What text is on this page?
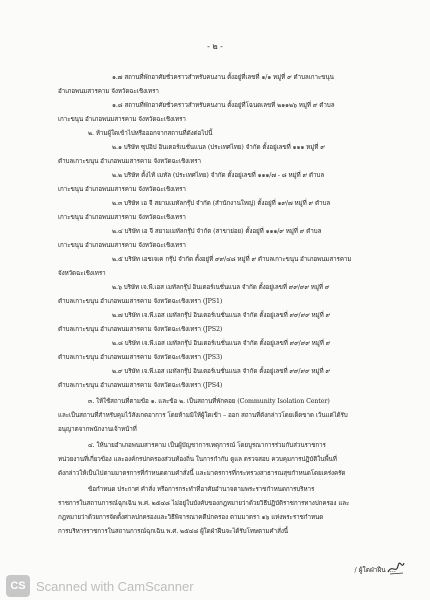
- ๒ -
๑.๗ สถานที่พักอาศัยชั่วคราวสำหรับคนงาน ตั้งอยู่ที่เลขที่ ๑/๑ หมู่ที่ ๙ ตำบลเกาะขนุน
อำเภอพนมสารคาม จังหวัดฉะเชิงเทรา
๑.๘ สถานที่พักอาศัยชั่วคราวสำหรับคนงาน ตั้งอยู่ที่โฉนดเลขที่ ๒๑๑๒๖ หมู่ที่ ๙ ตำบล
เกาะขนุน อำเภอพนมสารคาม จังหวัดฉะเชิงเทรา
๒. ห้ามผู้ใดเข้าไปหรือออกจากสถานที่ดังต่อไปนี้
๒.๑ บริษัท ซุปอิป อินเตอร์เนชั่นแนล (ประเทศไทย) จำกัด ตั้งอยู่เลขที่ ๑๑๑ หมู่ที่ ๙
ตำบลเกาะขนุน อำเภอพนมสารคาม จังหวัดฉะเชิงเทรา
๒.๒ บริษัท ตั้งไท้ เมทัล (ประเทศไทย) จำกัด ตั้งอยู่เลขที่ ๑๑๑/๗ - ๘ หมู่ที่ ๙ ตำบล
เกาะขนุน อำเภอพนมสารคาม จังหวัดฉะเชิงเทรา
๒.๓ บริษัท เอ จี สยามเมทัลกรุ๊ป จำกัด (สำนักงานใหญ่) ตั้งอยู่ที่ ๑๙/๗ หมู่ที่ ๙ ตำบล
เกาะขนุน อำเภอพนมสารคาม จังหวัดฉะเชิงเทรา
๒.๔ บริษัท เอ จี สยามเมทัลกรุ๊ป จำกัด (สาขาย่อย) ตั้งอยู่ที่ ๑๑๑/๙ หมู่ที่ ๙ ตำบล
เกาะขนุน อำเภอพนมสารคาม จังหวัดฉะเชิงเทรา
๒.๕ บริษัท เอชเจเค กรุ๊ป จำกัด ตั้งอยู่ที่ ๙๙/๔๘ หมู่ที่ ๙ ตำบลเกาะขนุน อำเภอพนมสารคาม
จังหวัดฉะเชิงเทรา
๒.๖ บริษัท เจ.พี.เอส เมทัลกรุ๊ป อินเตอร์เนชั่นแนล จำกัด ตั้งอยู่เลขที่ ๙๙/๙๙ หมู่ที่ ๙
ตำบลเกาะขนุน อำเภอพนมสารคาม จังหวัดฉะเชิงเทรา (JPS1)
๒.๗ บริษัท เจ.พี.เอส เมทัลกรุ๊ป อินเตอร์เนชั่นแนล จำกัด ตั้งอยู่เลขที่ ๙๙/๙๙ หมู่ที่ ๙
ตำบลเกาะขนุน อำเภอพนมสารคาม จังหวัดฉะเชิงเทรา (JPS2)
๒.๘ บริษัท เจ.พี.เอส เมทัลกรุ๊ป อินเตอร์เนชั่นแนล จำกัด ตั้งอยู่เลขที่ ๙๙/๙๙ หมู่ที่ ๙
ตำบลเกาะขนุน อำเภอพนมสารคาม จังหวัดฉะเชิงเทรา (JPS3)
๒.๙ บริษัท เจ.พี.เอส เมทัลกรุ๊ป อินเตอร์เนชั่นแนล จำกัด ตั้งอยู่เลขที่ ๙๙/๙๙ หมู่ที่ ๙
ตำบลเกาะขนุน อำเภอพนมสารคาม จังหวัดฉะเชิงเทรา (JPS4)
๓. ให้ใช้สถานที่ตามข้อ ๑. และข้อ ๒. เป็นสถานที่พักคอย (Community Isolation Center)
และเป็นสถานที่สำหรับคุมไว้สังเกตอาการ โดยห้ามมิให้ผู้ใดเข้า – ออก สถานที่ดังกล่าวโดยเด็ดขาด เว้นแต่ได้รับ
อนุญาตจากพนักงานเจ้าหน้าที่
๔. ให้นายอำเภอพนมสารคาม เป็นผู้บัญชาการเหตุการณ์ โดยบูรณาการร่วมกับส่วนราชการ
หน่วยงานที่เกี่ยวข้อง และองค์กรปกครองส่วนท้องถิ่น ในการกำกับ ดูแล ตรวจสอบ ควบคุมการปฏิบัติในพื้นที่
ดังกล่าวให้เป็นไปตามมาตรการที่กำหนดตามคำสั่งนี้ และมาตรการที่กระทรวงสาธารณสุขกำหนดโดยเคร่งครัด
ข้อกำหนด ประกาศ คำสั่ง หรือการกระทำที่อาศัยอำนาจตามพระราชกำหนดการบริหาร
ราชการในสถานการณ์ฉุกเฉิน พ.ศ. ๒๕๔๘ ไม่อยู่ในบังคับของกฎหมายว่าด้วยวิธีปฏิบัติราชการทางปกครอง และ
กฎหมายว่าด้วยการจัดตั้งศาลปกครองและวิธีพิจารณาคดีปกครอง ตามมาตรา ๑๖ แห่งพระราชกำหนด
การบริหารราชการในสถานการณ์ฉุกเฉิน พ.ศ. ๒๕๔๘ ผู้ใดฝ่าฝืนจะได้รับโทษตามคำสั่งนี้
/ ผู้ใดฝ่าฝืน ....
CS Scanned with CamScanner
